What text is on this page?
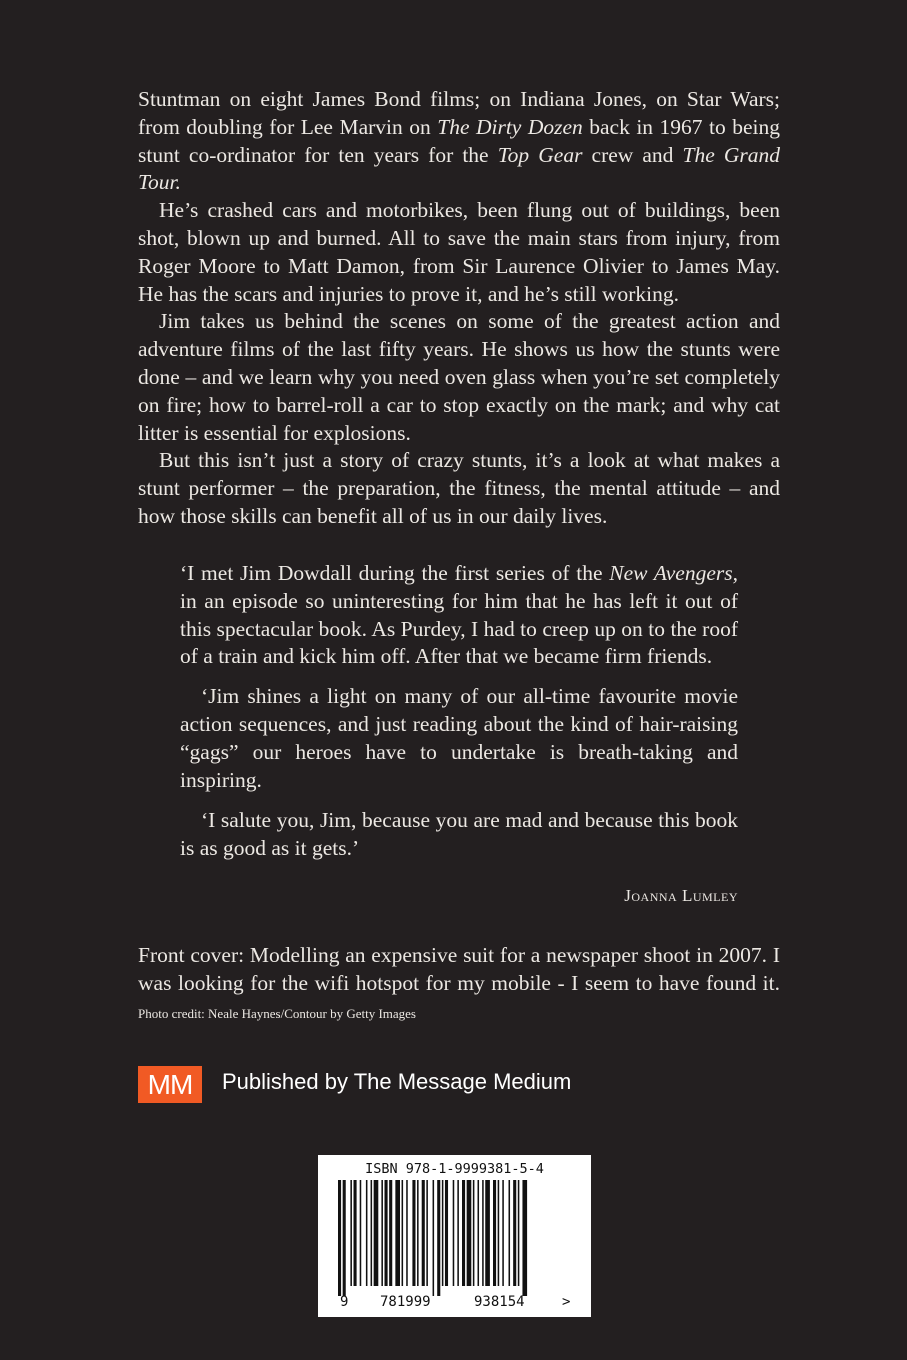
Stuntman on eight James Bond films; on Indiana Jones, on Star Wars; from doubling for Lee Marvin on The Dirty Dozen back in 1967 to being stunt co-ordinator for ten years for the Top Gear crew and The Grand Tour.

He’s crashed cars and motorbikes, been flung out of buildings, been shot, blown up and burned. All to save the main stars from injury, from Roger Moore to Matt Damon, from Sir Laurence Olivier to James May. He has the scars and injuries to prove it, and he’s still working.

Jim takes us behind the scenes on some of the greatest action and adventure films of the last fifty years. He shows us how the stunts were done – and we learn why you need oven glass when you’re set completely on fire; how to barrel-roll a car to stop exactly on the mark; and why cat litter is essential for explosions.

But this isn’t just a story of crazy stunts, it’s a look at what makes a stunt performer – the preparation, the fitness, the mental attitude – and how those skills can benefit all of us in our daily lives.

‘I met Jim Dowdall during the first series of the New Avengers, in an episode so uninteresting for him that he has left it out of this spectacular book. As Purdey, I had to creep up on to the roof of a train and kick him off. After that we became firm friends.

‘Jim shines a light on many of our all-time favourite movie action sequences, and just reading about the kind of hair-raising “gags” our heroes have to undertake is breath-taking and inspiring.

‘I salute you, Jim, because you are mad and because this book is as good as it gets.’

Joanna Lumley
Front cover: Modelling an expensive suit for a newspaper shoot in 2007. I was looking for the wifi hotspot for my mobile - I seem to have found it. Photo credit: Neale Haynes/Contour by Getty Images
MM	Published by The Message Medium
ISBN 978-1-9999381-5-4
9 781999	938154	>
